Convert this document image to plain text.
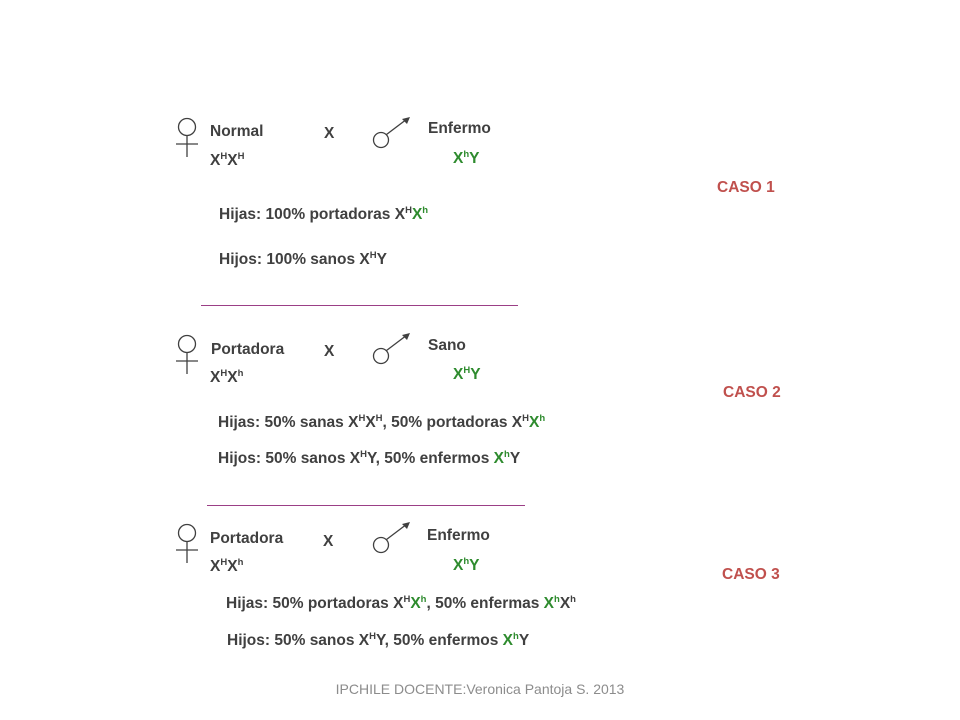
Normal
$X^HX^H$
X	Enfermo
$X^hY$
CASO 1
Hijas: 100% portadoras $X^HX^h$
Hijos: 100% sanos $X^HY$
Portadora
$X^HX^h$
X	Sano
$X^HY$
CASO 2
Hijas: 50% sanas $X^HX^H$, 50% portadoras $X^HX^h$
Hijos: 50% sanos $X^HY$, 50% enfermos $X^hY$
Portadora
$X^HX^h$
X	Enfermo
$X^hY$
CASO 3
Hijas: 50% portadoras $X^HX^h$, 50% enfermas $X^hX^h$
Hijos: 50% sanos $X^HY$, 50% enfermos $X^hY$
IPCHILE DOCENTE:Veronica Pantoja S. 2013
